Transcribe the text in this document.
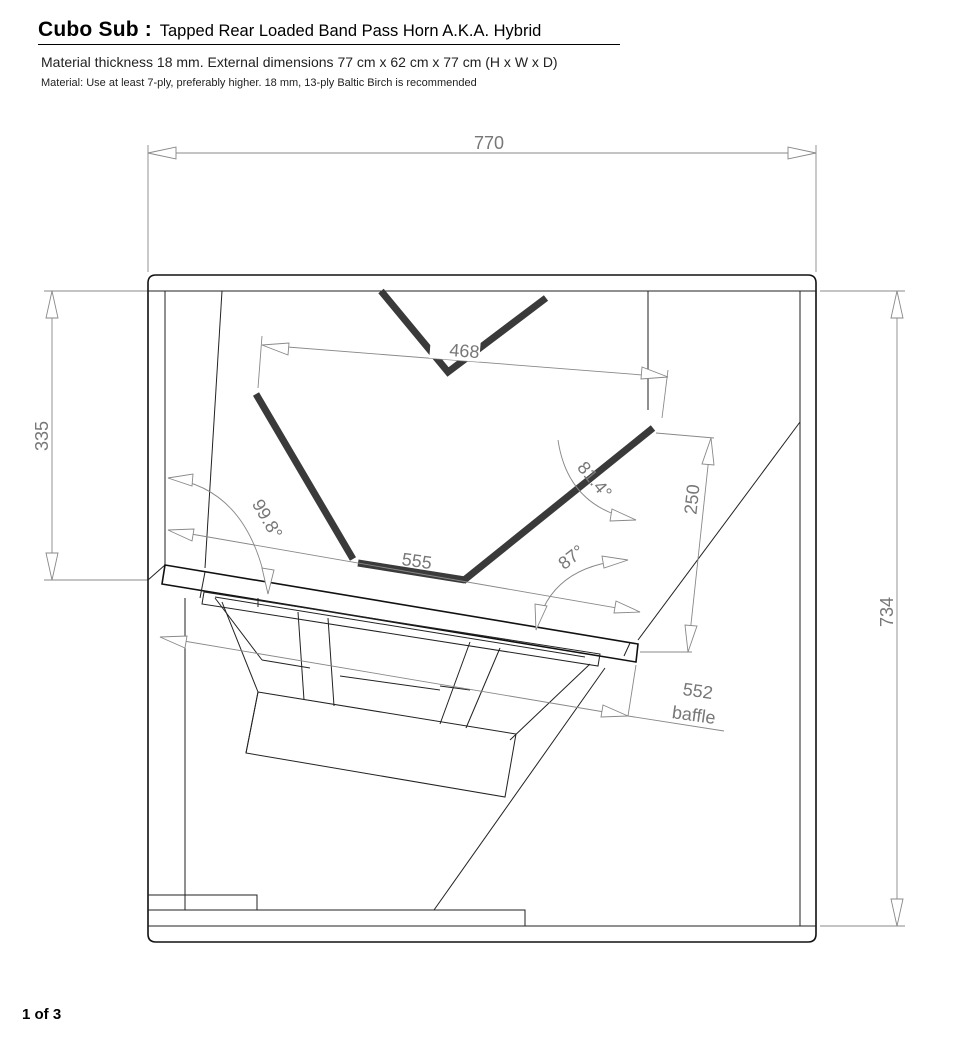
Cubo Sub : Tapped Rear Loaded Band Pass Horn A.K.A. Hybrid
Material thickness 18 mm. External dimensions 77 cm x 62 cm x 77 cm (H x W x D)
Material: Use at least 7-ply, preferably higher. 18 mm, 13-ply Baltic Birch is recommended
770
335
734
468
250
555
552
baffle
99.8°
81.4°
87°
1 of 3
